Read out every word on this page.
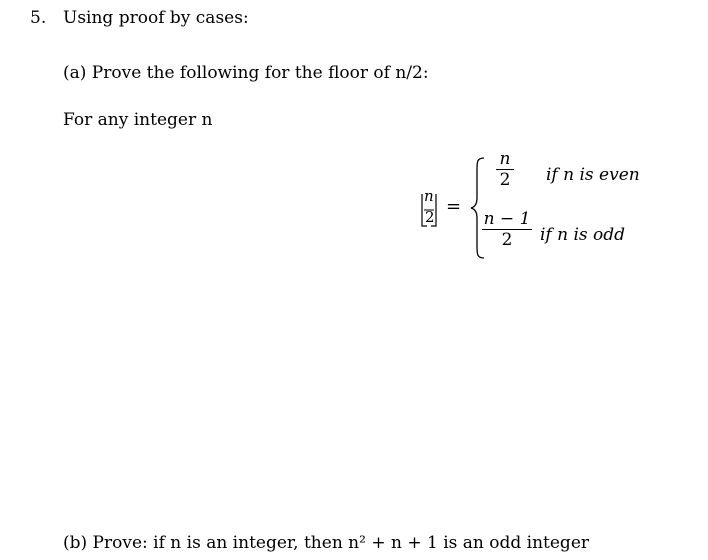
5. Using proof by cases:
(a) Prove the following for the floor of n/2:
For any integer n
n
2 =
n
2 if n is even
n − 1
2	if n is odd
(b) Prove: if n is an integer, then n² + n + 1 is an odd integer
